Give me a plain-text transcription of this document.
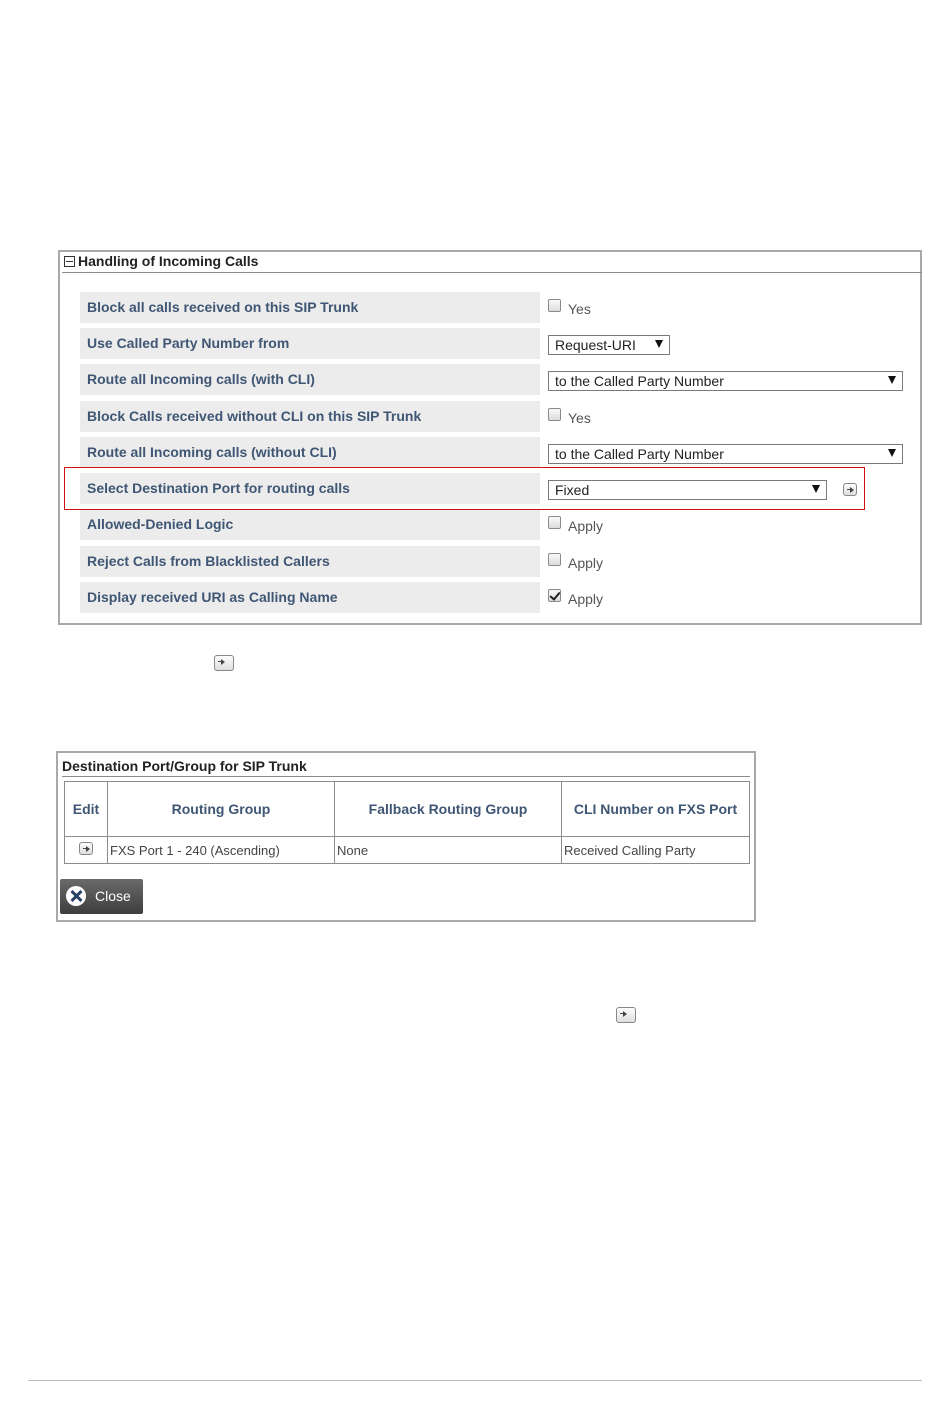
Handling of Incoming Calls
Block all calls received on this SIP Trunk	Yes
Use Called Party Number from	Request-URI
Route all Incoming calls (with CLI)	to the Called Party Number
Block Calls received without CLI on this SIP Trunk	Yes
Route all Incoming calls (without CLI)	to the Called Party Number
Select Destination Port for routing calls	Fixed
Allowed-Denied Logic	Apply
Reject Calls from Blacklisted Callers	Apply
Display received URI as Calling Name	Apply
Destination Port/Group for SIP Trunk
Edit	Routing Group	Fallback Routing Group	CLI Number on FXS Port
	FXS Port 1 - 240 (Ascending)	None	Received Calling Party
Close
